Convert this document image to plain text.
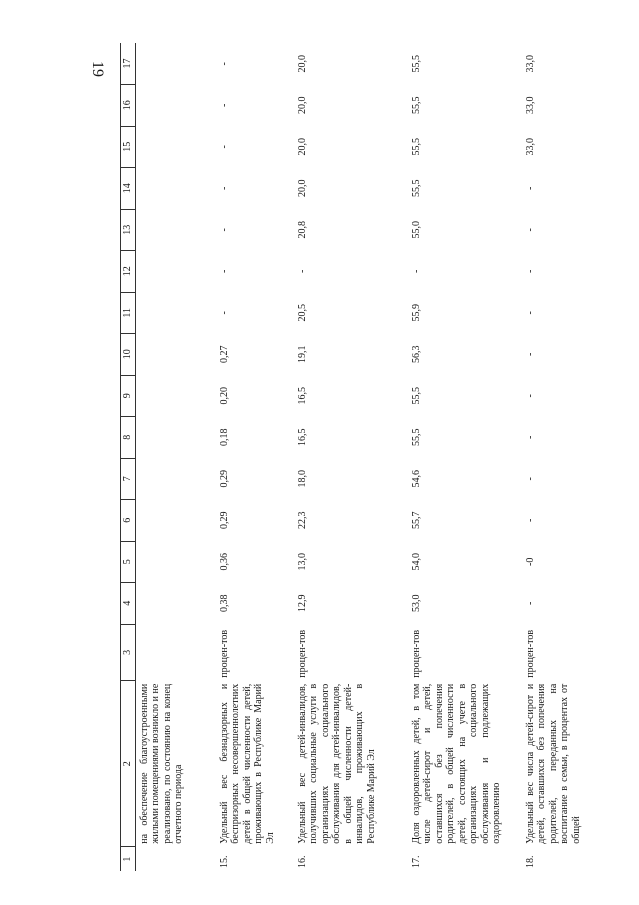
19
1	2	3	4	5	6	7	8	9	10	11	12	13	14	15	16	17
	на обеспечение благоустроенными жилыми помещениями возникло и не реализовано, по состоянию на конец отчетного периода															
15.	Удельный вес безнадзорных и беспризорных несовершеннолетних детей в общей численности детей, проживающих в Республике Марий Эл	процен-тов	0,38	0,36	0,29	0,29	0,18	0,20	0,27	-	-	-	-	-	-	-
16.	Удельный вес детей-инвалидов, получивших социальные услуги в организациях социального обслуживания для детей-инвалидов, в общей численности детей-инвалидов, проживающих в Республике Марий Эл	процен-тов	12,9	13,0	22,3	18,0	16,5	16,5	19,1	20,5	-	20,8	20,0	20,0	20,0	20,0
17.	Доля оздоровленных детей, в том числе детей-сирот и детей, оставшихся без попечения родителей, в общей численности детей, состоящих на учете в организациях социального обслуживания и подлежащих оздоровлению	процен-тов	53,0	54,0	55,7	54,6	55,5	55,5	56,3	55,9	-	55,0	55,5	55,5	55,5	55,5
18.	Удельный вес числа детей-сирот и детей, оставшихся без попечения родителей, переданных на воспитание в семьи, в процентах от общей	процен-тов	-	-0	-	-	-	-	-	-	-	-	-	33,0	33,0	33,0
